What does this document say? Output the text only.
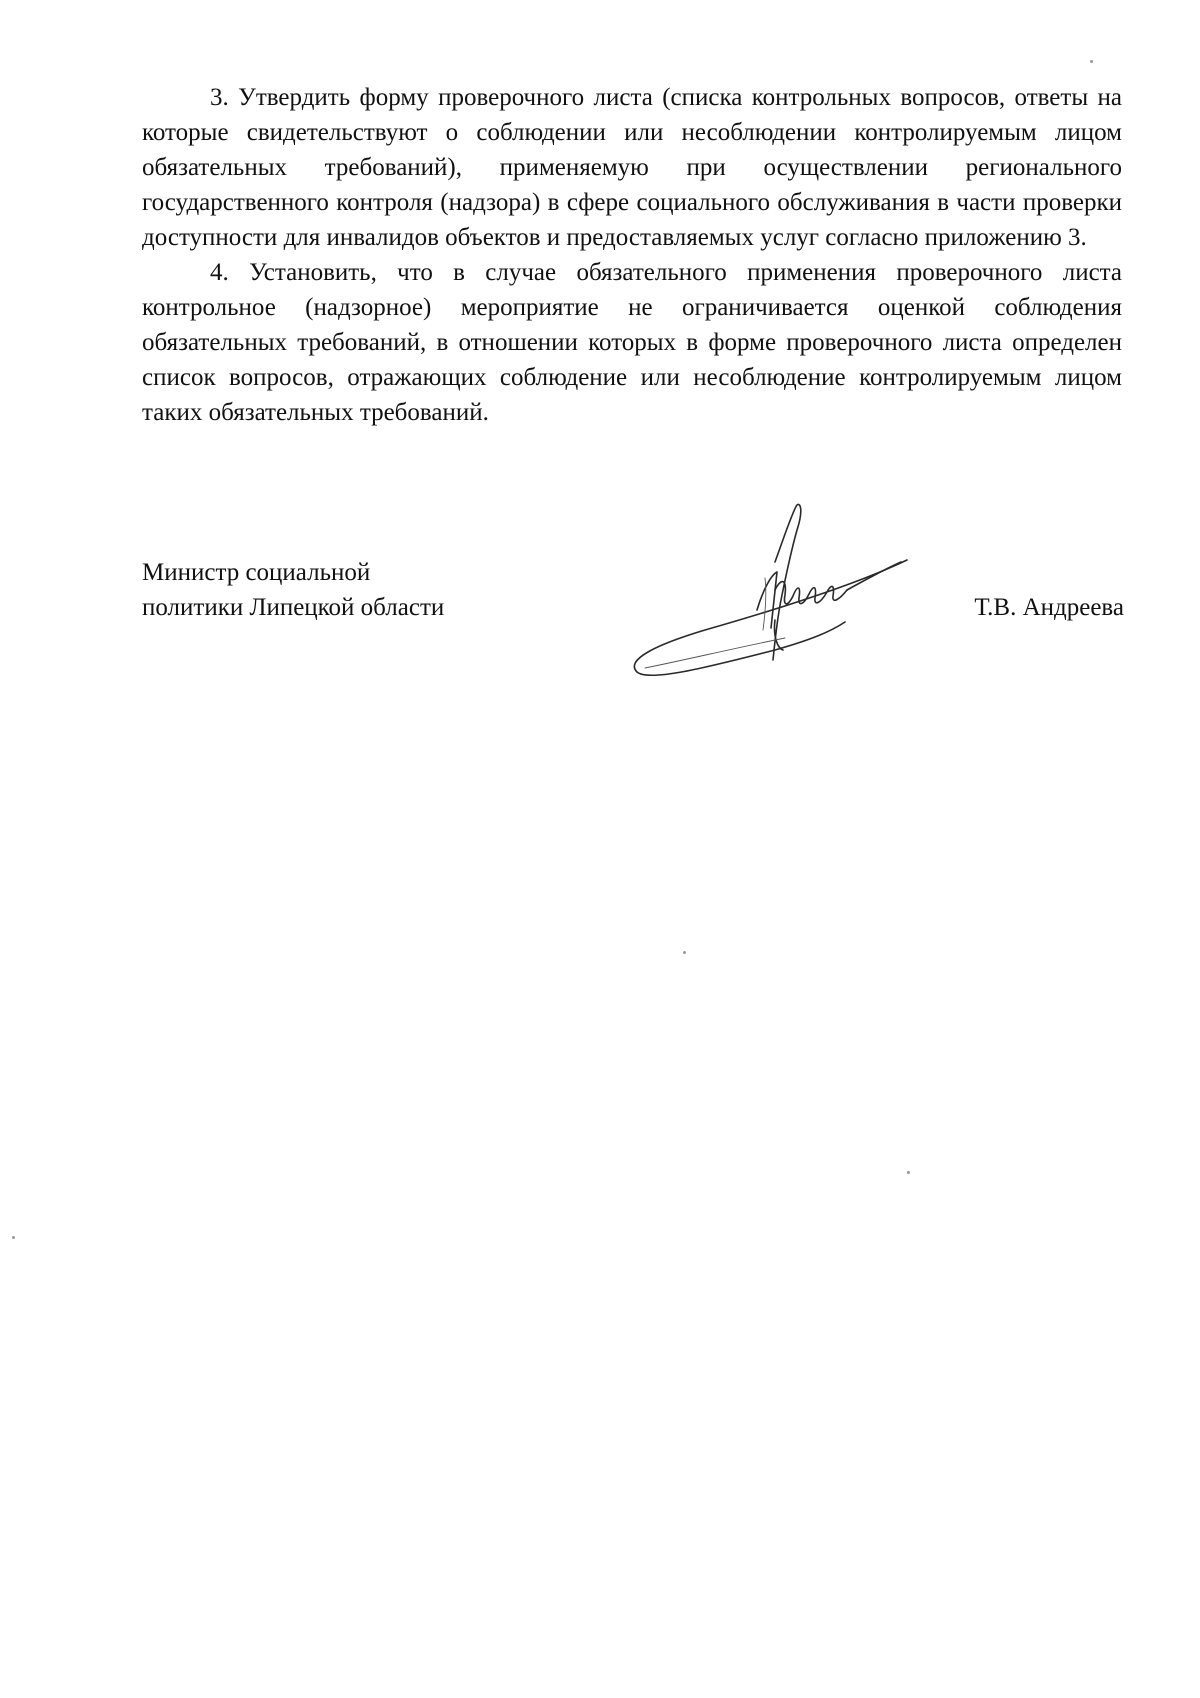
3. Утвердить форму проверочного листа (списка контрольных вопросов, ответы на которые свидетельствуют о соблюдении или несоблюдении контролируемым лицом обязательных требований), применяемую при осуществлении регионального государственного контроля (надзора) в сфере социального обслуживания в части проверки доступности для инвалидов объектов и предоставляемых услуг согласно приложению 3.

4. Установить, что в случае обязательного применения проверочного листа контрольное (надзорное) мероприятие не ограничивается оценкой соблюдения обязательных требований, в отношении которых в форме проверочного листа определен список вопросов, отражающих соблюдение или несоблюдение контролируемым лицом таких обязательных требований.

Министр социальной
политики Липецкой области	Т.В. Андреева
